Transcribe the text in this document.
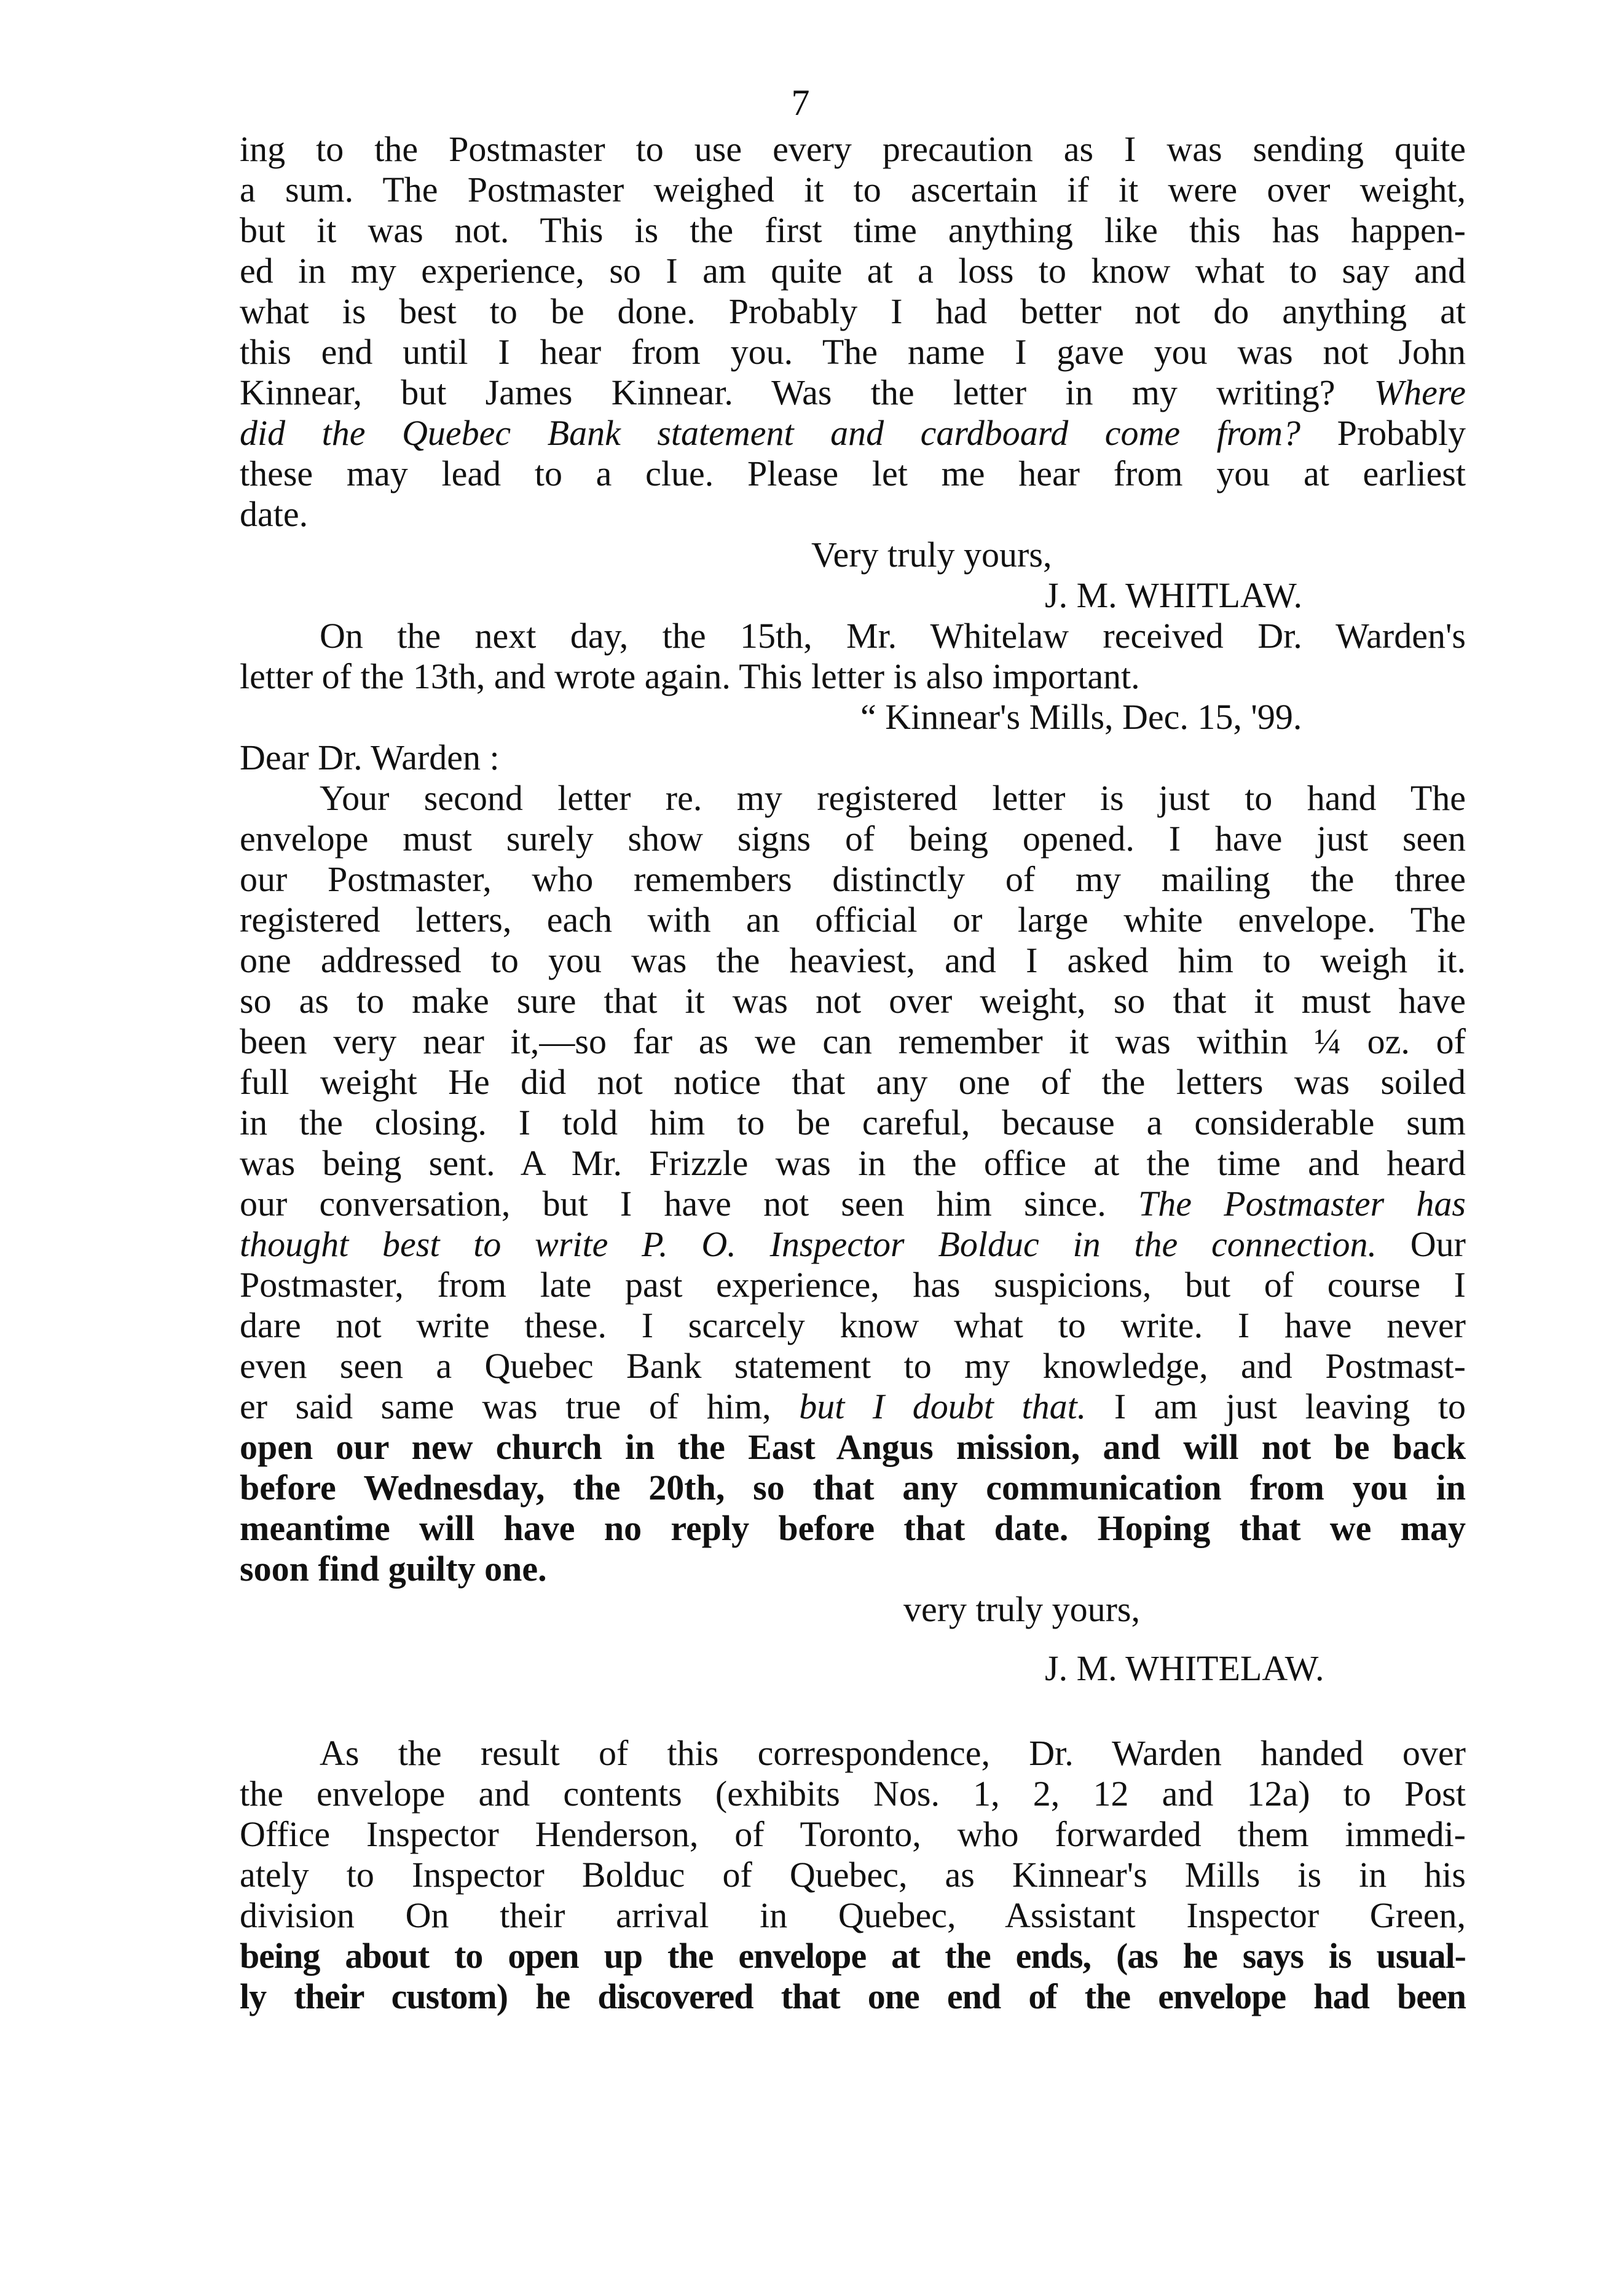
7
ing to the Postmaster to use every precaution as I was sending quite
a sum. The Postmaster weighed it to ascertain if it were over weight,
but it was not. This is the first time anything like this has happen-
ed in my experience, so I am quite at a loss to know what to say and
what is best to be done. Probably I had better not do anything at
this end until I hear from you. The name I gave you was not John
Kinnear, but James Kinnear. Was the letter in my writing? Where
did the Quebec Bank statement and cardboard come from? Probably
these may lead to a clue. Please let me hear from you at earliest
date.
Very truly yours,
J. M. WHITLAW.
On the next day, the 15th, Mr. Whitelaw received Dr. Warden's
letter of the 13th, and wrote again. This letter is also important.
“ Kinnear's Mills, Dec. 15, '99.
Dear Dr. Warden :
Your second letter re. my registered letter is just to hand The
envelope must surely show signs of being opened. I have just seen
our Postmaster, who remembers distinctly of my mailing the three
registered letters, each with an official or large white envelope. The
one addressed to you was the heaviest, and I asked him to weigh it.
so as to make sure that it was not over weight, so that it must have
been very near it,—so far as we can remember it was within ¼ oz. of
full weight He did not notice that any one of the letters was soiled
in the closing. I told him to be careful, because a considerable sum
was being sent. A Mr. Frizzle was in the office at the time and heard
our conversation, but I have not seen him since. The Postmaster has
thought best to write P. O. Inspector Bolduc in the connection. Our
Postmaster, from late past experience, has suspicions, but of course I
dare not write these. I scarcely know what to write. I have never
even seen a Quebec Bank statement to my knowledge, and Postmast-
er said same was true of him, but I doubt that. I am just leaving to
open our new church in the East Angus mission, and will not be back
before Wednesday, the 20th, so that any communication from you in
meantime will have no reply before that date. Hoping that we may
soon find guilty one.
very truly yours,
J. M. WHITELAW.
As the result of this correspondence, Dr. Warden handed over
the envelope and contents (exhibits Nos. 1, 2, 12 and 12a) to Post
Office Inspector Henderson, of Toronto, who forwarded them immedi-
ately to Inspector Bolduc of Quebec, as Kinnear's Mills is in his
division On their arrival in Quebec, Assistant Inspector Green,
being about to open up the envelope at the ends, (as he says is usual-
ly their custom) he discovered that one end of the envelope had been
